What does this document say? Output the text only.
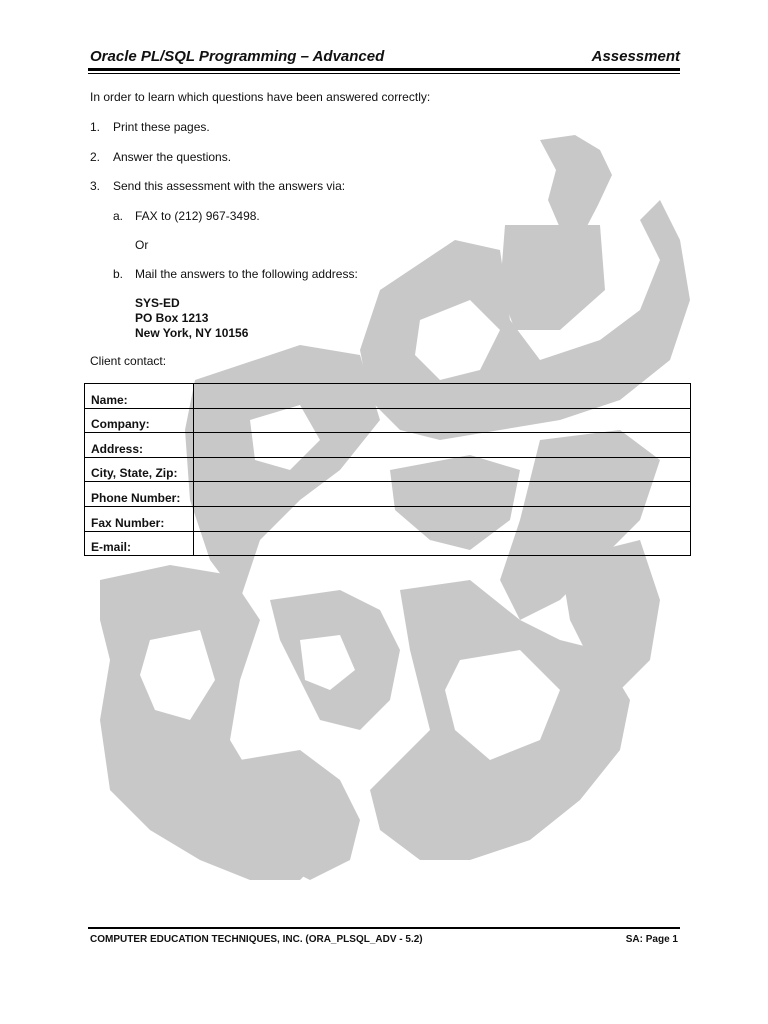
Oracle PL/SQL Programming – Advanced	Assessment
In order to learn which questions have been answered correctly:
1. Print these pages.
2. Answer the questions.
3. Send this assessment with the answers via:
a. FAX to (212) 967-3498.
Or
b. Mail the answers to the following address:
SYS-ED
PO Box 1213
New York, NY 10156
Client contact:
Name:	
Company:	
Address:	
City, State, Zip:	
Phone Number:	
Fax Number:	
E-mail:	
COMPUTER EDUCATION TECHNIQUES, INC. (ORA_PLSQL_ADV - 5.2)	SA: Page 1
